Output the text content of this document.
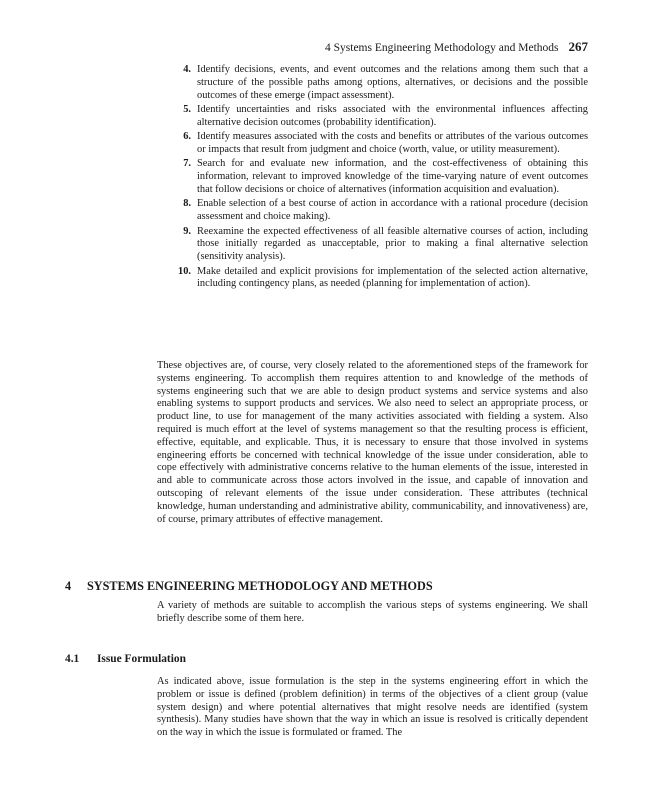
4 Systems Engineering Methodology and Methods 267
4. Identify decisions, events, and event outcomes and the relations among them such that a structure of the possible paths among options, alternatives, or decisions and the possible outcomes of these emerge (impact assessment).
5. Identify uncertainties and risks associated with the environmental influences affecting alternative decision outcomes (probability identification).
6. Identify measures associated with the costs and benefits or attributes of the various outcomes or impacts that result from judgment and choice (worth, value, or utility measurement).
7. Search for and evaluate new information, and the cost-effectiveness of obtaining this information, relevant to improved knowledge of the time-varying nature of event outcomes that follow decisions or choice of alternatives (information acquisition and evaluation).
8. Enable selection of a best course of action in accordance with a rational procedure (decision assessment and choice making).
9. Reexamine the expected effectiveness of all feasible alternative courses of action, including those initially regarded as unacceptable, prior to making a final alternative selection (sensitivity analysis).
10. Make detailed and explicit provisions for implementation of the selected action alternative, including contingency plans, as needed (planning for implementation of action).

These objectives are, of course, very closely related to the aforementioned steps of the framework for systems engineering. To accomplish them requires attention to and knowledge of the methods of systems engineering such that we are able to design product systems and service systems and also enabling systems to support products and services. We also need to select an appropriate process, or product line, to use for management of the many activities associated with fielding a system. Also required is much effort at the level of systems management so that the resulting process is efficient, effective, equitable, and explicable. Thus, it is necessary to ensure that those involved in systems engineering efforts be concerned with technical knowledge of the issue under consideration, able to cope effectively with administrative concerns relative to the human elements of the issue, interested in and able to communicate across those actors involved in the issue, and capable of innovation and outscoping of relevant elements of the issue under consideration. These attributes (technical knowledge, human understanding and administrative ability, communicability, and innovativeness) are, of course, primary attributes of effective management.

4 SYSTEMS ENGINEERING METHODOLOGY AND METHODS

A variety of methods are suitable to accomplish the various steps of systems engineering. We shall briefly describe some of them here.

4.1 Issue Formulation

As indicated above, issue formulation is the step in the systems engineering effort in which the problem or issue is defined (problem definition) in terms of the objectives of a client group (value system design) and where potential alternatives that might resolve needs are identified (system synthesis). Many studies have shown that the way in which an issue is resolved is critically dependent on the way in which the issue is formulated or framed. The
